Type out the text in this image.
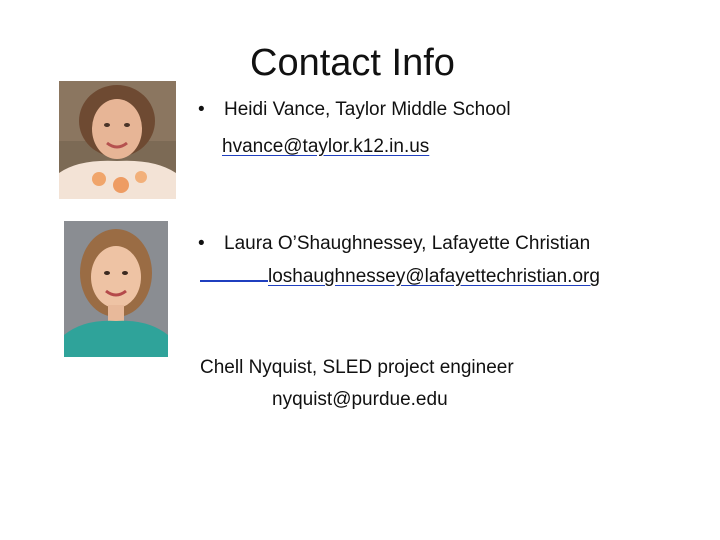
Contact Info
• Heidi Vance, Taylor Middle School
hvance@taylor.k12.in.us
• Laura O’Shaughnessey, Lafayette Christian
loshaughnessey@lafayettechristian.org
Chell Nyquist, SLED project engineer
nyquist@purdue.edu
